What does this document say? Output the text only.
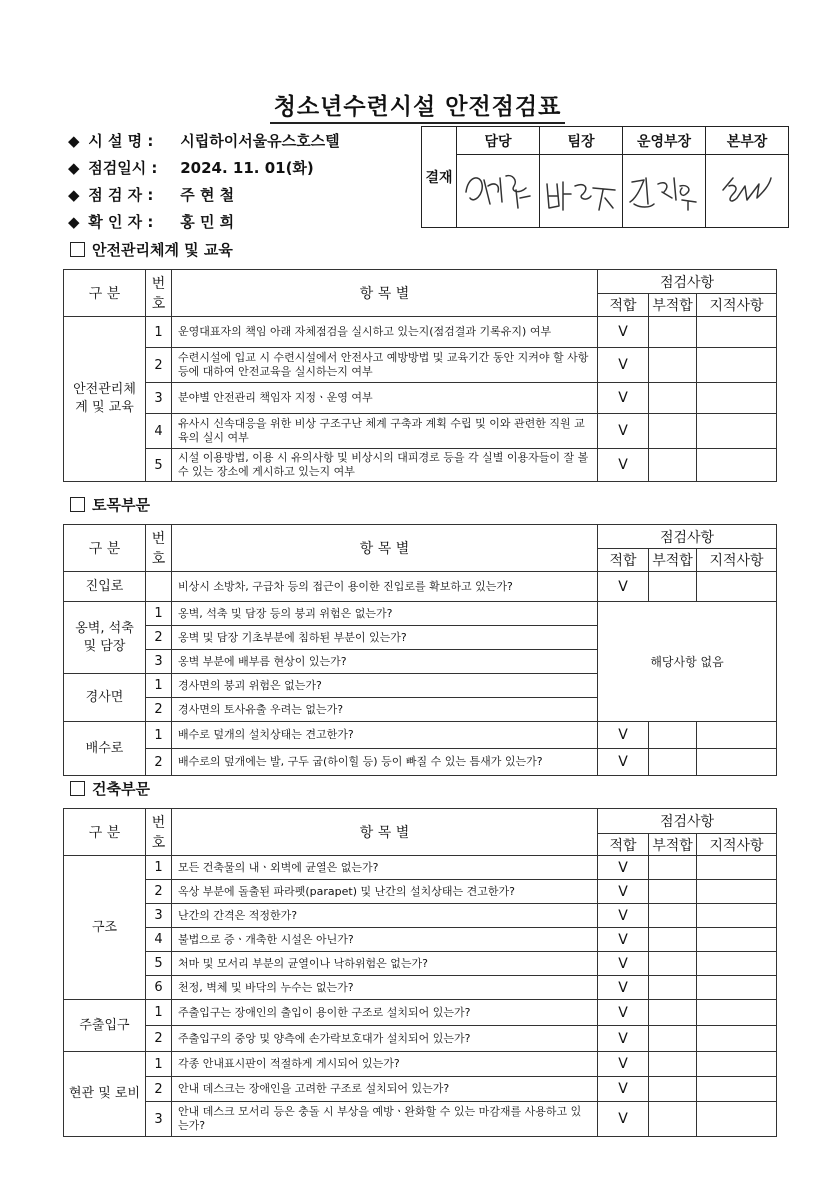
청소년수련시설 안전점검표
◆ 시 설 명 : 시립하이서울유스호스텔
◆ 점검일시 : 2024. 11. 01(화)
◆ 점 검 자 : 주 현 철
◆ 확 인 자 : 홍 민 희
결재	담당	팀장	운영부장	본부장

안전관리체계 및 교육
구 분	번호	항 목 별	점검사항		
			적합	부적합	지적사항
안전관리체계 및 교육	1	운영대표자의 책임 아래 자체점검을 실시하고 있는지(점검결과 기록유지) 여부	V		
	2	수련시설에 입교 시 수련시설에서 안전사고 예방방법 및 교육기간 동안 지켜야 할 사항 등에 대하여 안전교육을 실시하는지 여부	V		
	3	분야별 안전관리 책임자 지정ㆍ운영 여부	V		
	4	유사시 신속대응을 위한 비상 구조구난 체계 구축과 계획 수립 및 이와 관련한 직원 교육의 실시 여부	V		
	5	시설 이용방법, 이용 시 유의사항 및 비상시의 대피경로 등을 각 실별 이용자들이 잘 볼 수 있는 장소에 게시하고 있는지 여부	V		
토목부문
구 분	번호	항 목 별	점검사항		
			적합	부적합	지적사항
진입로		비상시 소방차, 구급차 등의 접근이 용이한 진입로를 확보하고 있는가?	V		
옹벽, 석축 및 담장	1	옹벽, 석축 및 담장 등의 붕괴 위험은 없는가?	해당사항 없음		
	2	옹벽 및 담장 기초부분에 침하된 부분이 있는가?			
	3	옹벽 부분에 배부름 현상이 있는가?			
경사면	1	경사면의 붕괴 위험은 없는가?			
	2	경사면의 토사유출 우려는 없는가?			
배수로	1	배수로 덮개의 설치상태는 견고한가?	V		
	2	배수로의 덮개에는 발, 구두 굽(하이힐 등) 등이 빠질 수 있는 틈새가 있는가?	V		
건축부문
구 분	번호	항 목 별	점검사항		
			적합	부적합	지적사항
구조	1	모든 건축물의 내ㆍ외벽에 균열은 없는가?	V		
	2	옥상 부분에 돌출된 파라펫(parapet) 및 난간의 설치상태는 견고한가?	V		
	3	난간의 간격은 적정한가?	V		
	4	불법으로 증ㆍ개축한 시설은 아닌가?	V		
	5	처마 및 모서리 부분의 균열이나 낙하위험은 없는가?	V		
	6	천정, 벽체 및 바닥의 누수는 없는가?	V		
주출입구	1	주출입구는 장애인의 출입이 용이한 구조로 설치되어 있는가?	V		
	2	주출입구의 중앙 및 양측에 손가락보호대가 설치되어 있는가?	V		
현관 및 로비	1	각종 안내표시판이 적절하게 게시되어 있는가?	V		
	2	안내 데스크는 장애인을 고려한 구조로 설치되어 있는가?	V		
	3	안내 데스크 모서리 등은 충돌 시 부상을 예방ㆍ완화할 수 있는 마감재를 사용하고 있는가?	V		
